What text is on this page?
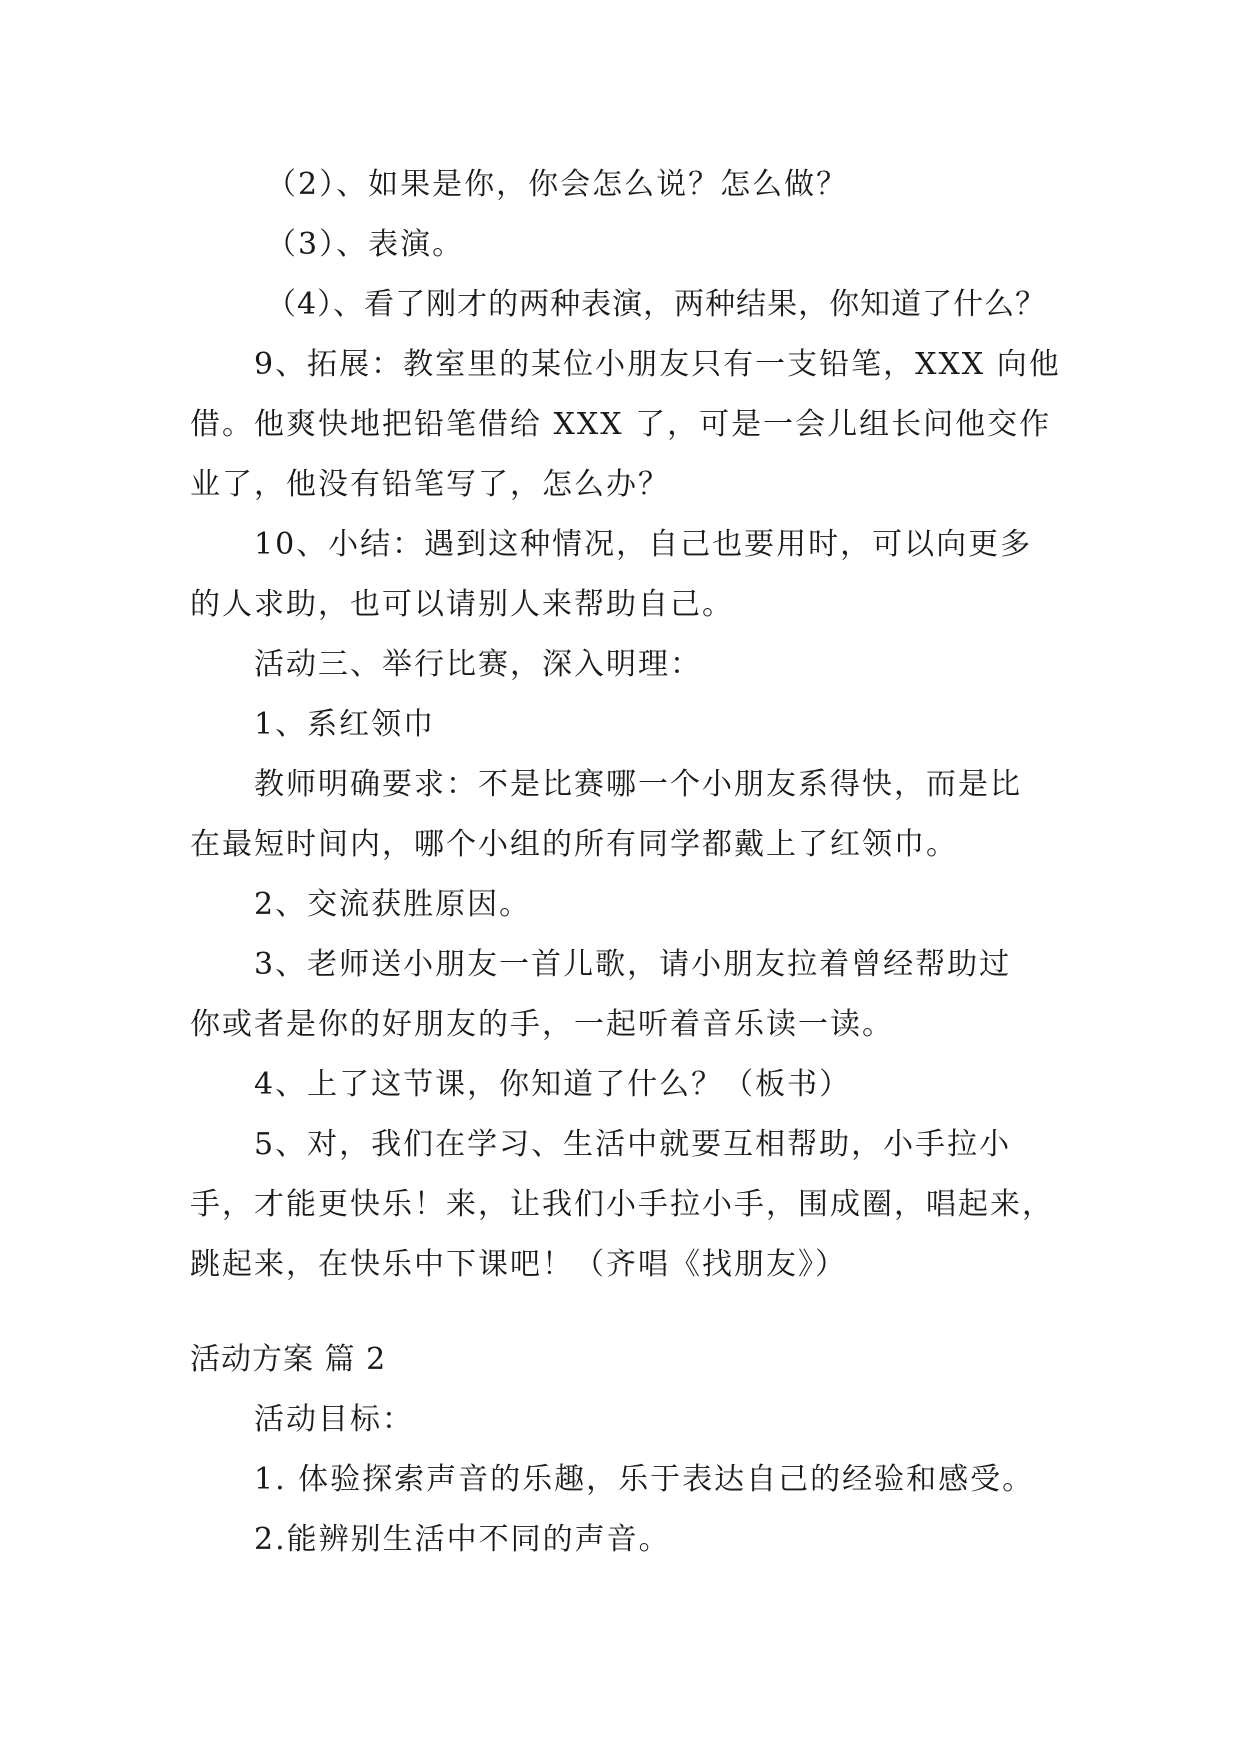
（2）、如果是你，你会怎么说？怎么做？
（3）、表演。
（4）、看了刚才的两种表演，两种结果，你知道了什么？
9、拓展：教室里的某位小朋友只有一支铅笔，XXX 向他
借。他爽快地把铅笔借给 XXX 了，可是一会儿组长问他交作
业了，他没有铅笔写了，怎么办？
10、小结：遇到这种情况，自己也要用时，可以向更多
的人求助，也可以请别人来帮助自己。
活动三、举行比赛，深入明理：
1、系红领巾
教师明确要求：不是比赛哪一个小朋友系得快，而是比
在最短时间内，哪个小组的所有同学都戴上了红领巾。
2、交流获胜原因。
3、老师送小朋友一首儿歌，请小朋友拉着曾经帮助过
你或者是你的好朋友的手，一起听着音乐读一读。
4、上了这节课，你知道了什么？（板书）
5、对，我们在学习、生活中就要互相帮助，小手拉小
手，才能更快乐！来，让我们小手拉小手，围成圈，唱起来，
跳起来，在快乐中下课吧！（齐唱《找朋友》）
活动方案 篇 2
活动目标：
1. 体验探索声音的乐趣，乐于表达自己的经验和感受。
2.能辨别生活中不同的声音。
